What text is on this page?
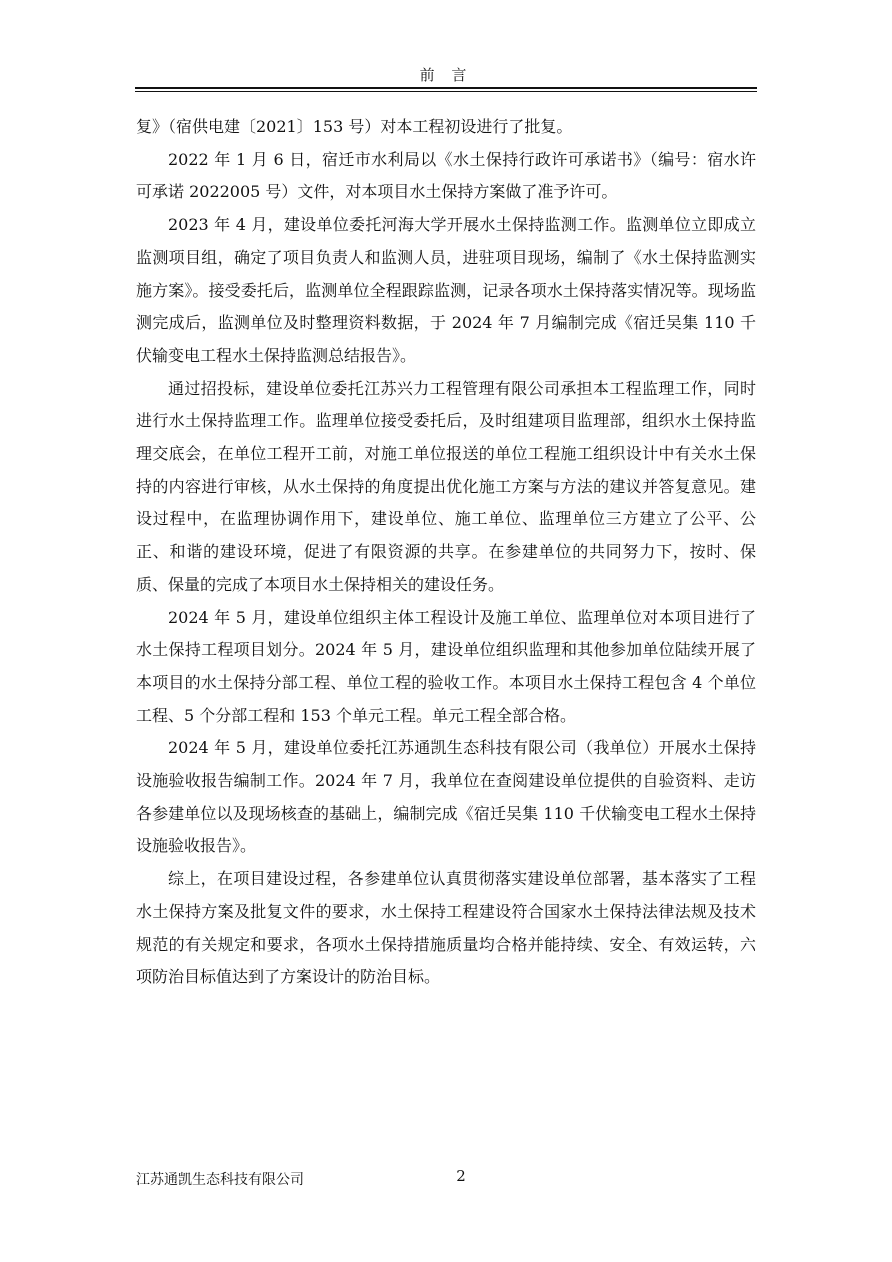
前 言

复》（宿供电建〔2021〕153 号）对本工程初设进行了批复。

2022 年 1 月 6 日，宿迁市水利局以《水土保持行政许可承诺书》（编号：宿水许可承诺 2022005 号）文件，对本项目水土保持方案做了准予许可。

2023 年 4 月，建设单位委托河海大学开展水土保持监测工作。监测单位立即成立监测项目组，确定了项目负责人和监测人员，进驻项目现场，编制了《水土保持监测实施方案》。接受委托后，监测单位全程跟踪监测，记录各项水土保持落实情况等。现场监测完成后，监测单位及时整理资料数据，于 2024 年 7 月编制完成《宿迁吴集 110 千伏输变电工程水土保持监测总结报告》。

通过招投标，建设单位委托江苏兴力工程管理有限公司承担本工程监理工作，同时进行水土保持监理工作。监理单位接受委托后，及时组建项目监理部，组织水土保持监理交底会，在单位工程开工前，对施工单位报送的单位工程施工组织设计中有关水土保持的内容进行审核，从水土保持的角度提出优化施工方案与方法的建议并答复意见。建设过程中，在监理协调作用下，建设单位、施工单位、监理单位三方建立了公平、公正、和谐的建设环境，促进了有限资源的共享。在参建单位的共同努力下，按时、保质、保量的完成了本项目水土保持相关的建设任务。

2024 年 5 月，建设单位组织主体工程设计及施工单位、监理单位对本项目进行了水土保持工程项目划分。2024 年 5 月，建设单位组织监理和其他参加单位陆续开展了本项目的水土保持分部工程、单位工程的验收工作。本项目水土保持工程包含 4 个单位工程、5 个分部工程和 153 个单元工程。单元工程全部合格。

2024 年 5 月，建设单位委托江苏通凯生态科技有限公司（我单位）开展水土保持设施验收报告编制工作。2024 年 7 月，我单位在查阅建设单位提供的自验资料、走访各参建单位以及现场核查的基础上，编制完成《宿迁吴集 110 千伏输变电工程水土保持设施验收报告》。

综上，在项目建设过程，各参建单位认真贯彻落实建设单位部署，基本落实了工程水土保持方案及批复文件的要求，水土保持工程建设符合国家水土保持法律法规及技术规范的有关规定和要求，各项水土保持措施质量均合格并能持续、安全、有效运转，六项防治目标值达到了方案设计的防治目标。

江苏通凯生态科技有限公司	2
